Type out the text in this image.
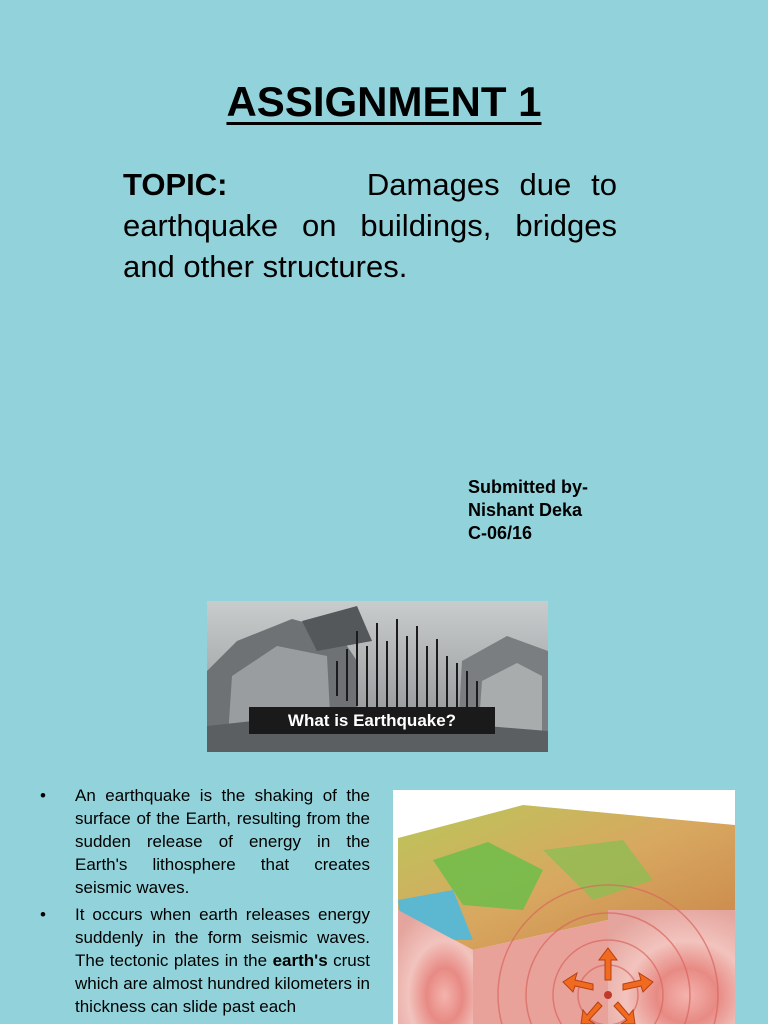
ASSIGNMENT 1
TOPIC:	Damages due to earthquake on buildings, bridges and other structures.
Submitted by-
Nishant Deka
C-06/16
What is Earthquake?
•	An earthquake is the shaking of the surface of the Earth, resulting from the sudden release of energy in the Earth's lithosphere that creates seismic waves.
•	It occurs when earth releases energy suddenly in the form seismic waves. The tectonic plates in the earth's crust which are almost hundred kilometers in thickness can slide past each
